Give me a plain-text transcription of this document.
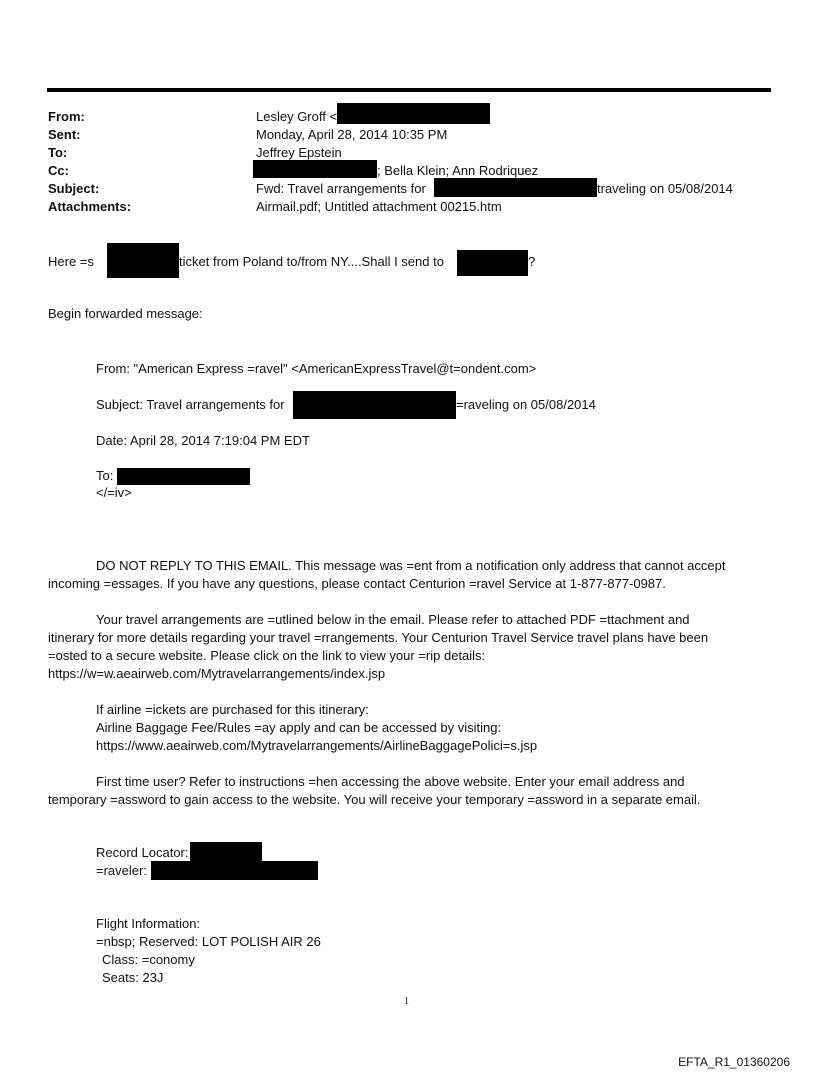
From:	Lesley Groff <
Sent:	Monday, April 28, 2014 10:35 PM
To:	Jeffrey Epstein
Cc:	; Bella Klein; Ann Rodriquez
Subject:	Fwd: Travel arrangements for	traveling on 05/08/2014
Attachments:	Airmail.pdf; Untitled attachment 00215.htm
Here =s	ticket from Poland to/from NY....Shall I send to	?
Begin forwarded message:
From: "American Express =ravel" <AmericanExpressTravel@t=ondent.com>
Subject: Travel arrangements for	=raveling on 05/08/2014
Date: April 28, 2014 7:19:04 PM EDT
To:
</=iv>
DO NOT REPLY TO THIS EMAIL. This message was =ent from a notification only address that cannot accept
incoming =essages. If you have any questions, please contact Centurion =ravel Service at 1-877-877-0987.
Your travel arrangements are =utlined below in the email. Please refer to attached PDF =ttachment and
itinerary for more details regarding your travel =rrangements. Your Centurion Travel Service travel plans have been
=osted to a secure website. Please click on the link to view your =rip details:
https://w=w.aeairweb.com/Mytravelarrangements/index.jsp
If airline =ickets are purchased for this itinerary:
Airline Baggage Fee/Rules =ay apply and can be accessed by visiting:
https://www.aeairweb.com/Mytravelarrangements/AirlineBaggagePolici=s.jsp
First time user? Refer to instructions =hen accessing the above website. Enter your email address and
temporary =assword to gain access to the website. You will receive your temporary =assword in a separate email.
Record Locator:
=raveler:
Flight Information:
=nbsp; Reserved: LOT POLISH AIR 26
Class: =conomy
Seats: 23J
1
EFTA_R1_01360206
